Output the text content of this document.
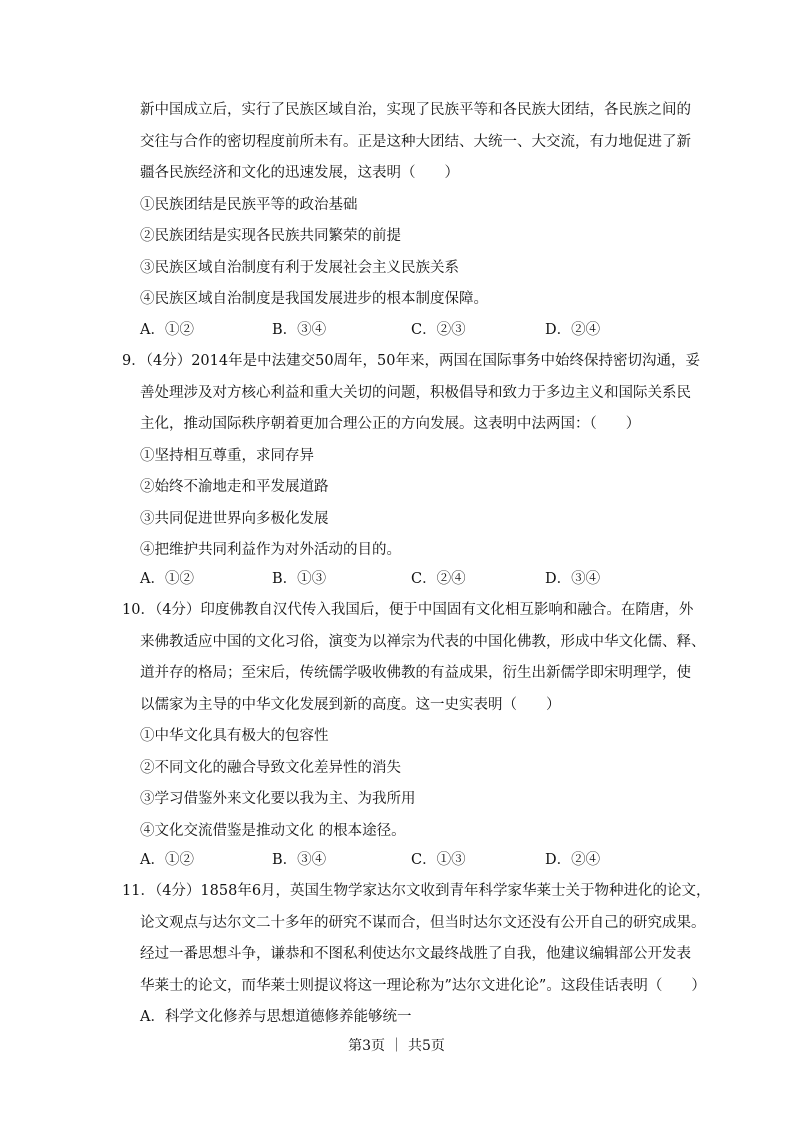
新中国成立后，实行了民族区域自治，实现了民族平等和各民族大团结，各民族之间的
交往与合作的密切程度前所未有。正是这种大团结、大统一、大交流，有力地促进了新
疆各民族经济和文化的迅速发展，这表明（　　）
①民族团结是民族平等的政治基础
②民族团结是实现各民族共同繁荣的前提
③民族区域自治制度有利于发展社会主义民族关系
④民族区域自治制度是我国发展进步的根本制度保障。
A．①②	B．③④	C．②③	D．②④
9．（4分）2014年是中法建交50周年，50年来，两国在国际事务中始终保持密切沟通，妥
善处理涉及对方核心利益和重大关切的问题，积极倡导和致力于多边主义和国际关系民
主化，推动国际秩序朝着更加合理公正的方向发展。这表明中法两国：（　　）
①坚持相互尊重，求同存异
②始终不渝地走和平发展道路
③共同促进世界向多极化发展
④把维护共同利益作为对外活动的目的。
A．①②	B．①③	C．②④	D．③④
10．（4分）印度佛教自汉代传入我国后，便于中国固有文化相互影响和融合。在隋唐，外
来佛教适应中国的文化习俗，演变为以禅宗为代表的中国化佛教，形成中华文化儒、释、
道并存的格局；至宋后，传统儒学吸收佛教的有益成果，衍生出新儒学即宋明理学，使
以儒家为主导的中华文化发展到新的高度。这一史实表明（　　）
①中华文化具有极大的包容性
②不同文化的融合导致文化差异性的消失
③学习借鉴外来文化要以我为主、为我所用
④文化交流借鉴是推动文化 的根本途径。
A．①②	B．③④	C．①③	D．②④
11．（4分）1858年6月，英国生物学家达尔文收到青年科学家华莱士关于物种进化的论文，
论文观点与达尔文二十多年的研究不谋而合，但当时达尔文还没有公开自己的研究成果。
经过一番思想斗争，谦恭和不图私利使达尔文最终战胜了自我，他建议编辑部公开发表
华莱士的论文，而华莱士则提议将这一理论称为”达尔文进化论”。这段佳话表明（　　）
A．科学文化修养与思想道德修养能够统一
第3页 ｜ 共5页
